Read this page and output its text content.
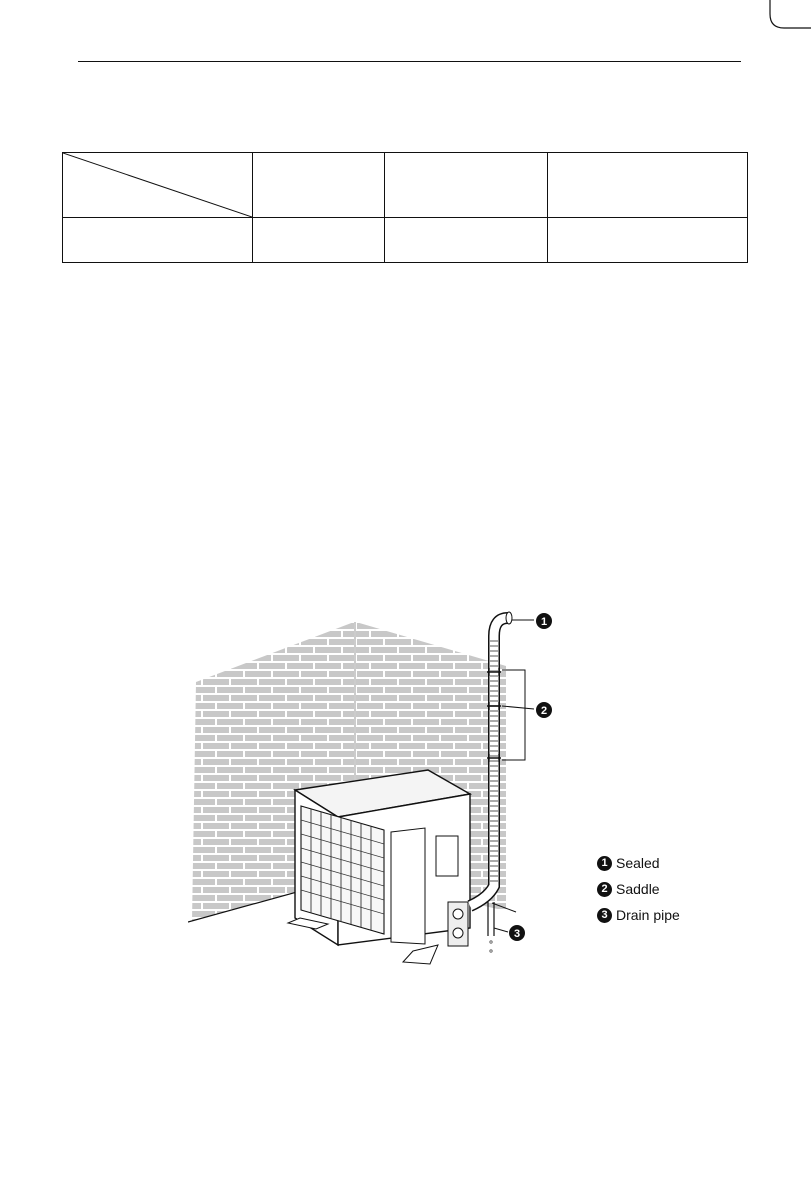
1
2
3
1 Sealed
2 Saddle
3 Drain pipe
